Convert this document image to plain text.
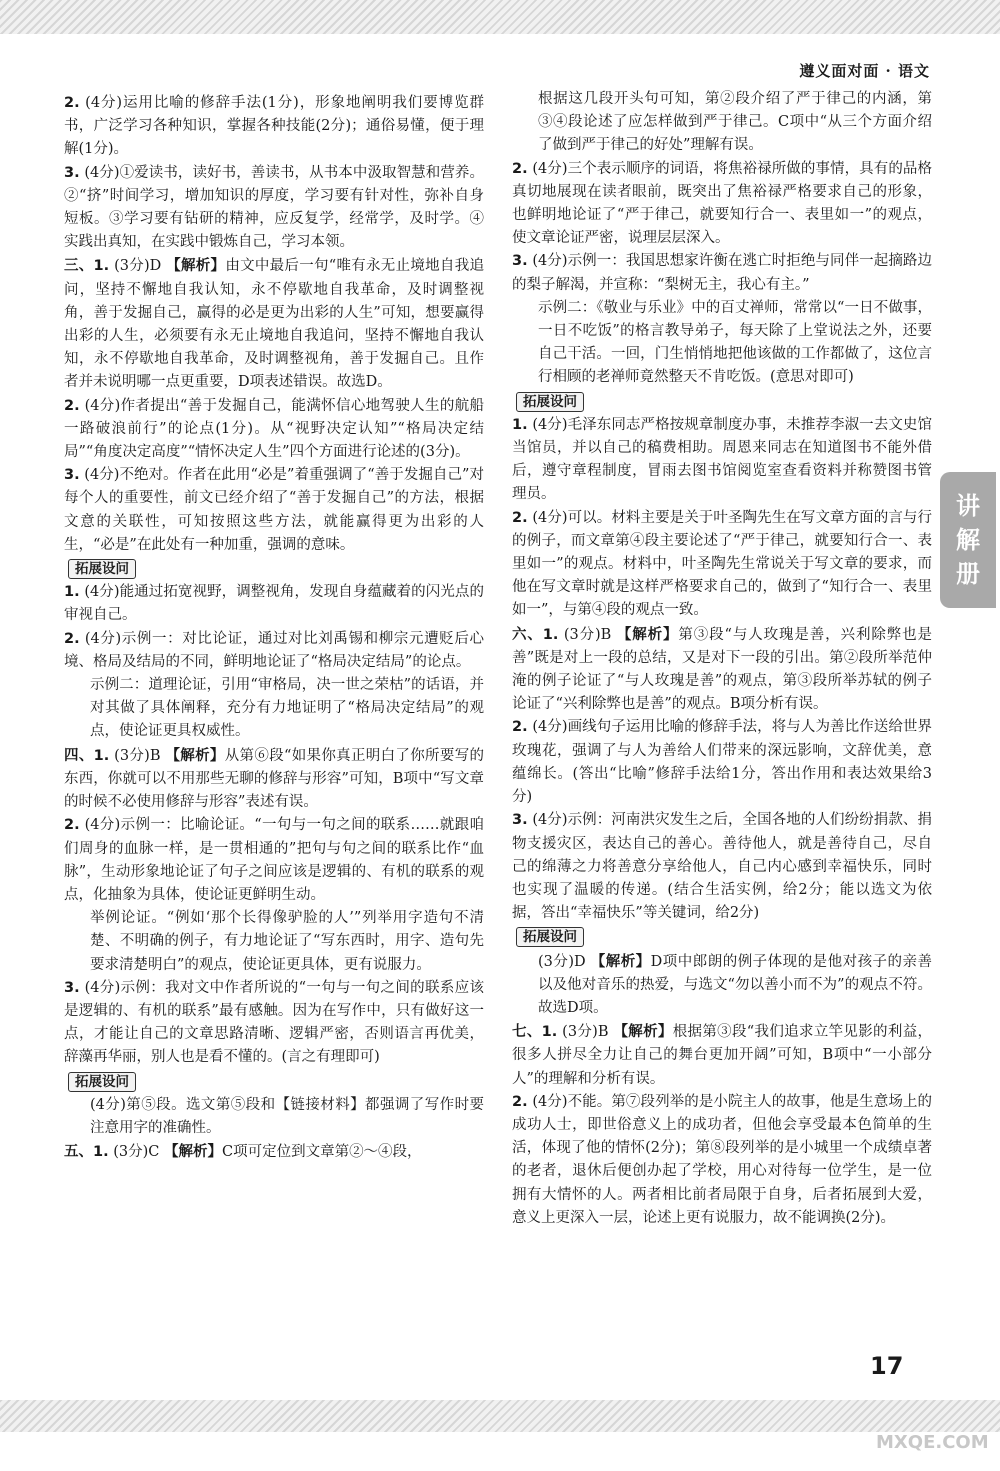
遵义面对面 · 语文

2. (4分)运用比喻的修辞手法(1分)，形象地阐明我们要博览群书，广泛学习各种知识，掌握各种技能(2分)；通俗易懂，便于理解(1分)。

3. (4分)①爱读书，读好书，善读书，从书本中汲取智慧和营养。②“挤”时间学习，增加知识的厚度，学习要有针对性，弥补自身短板。③学习要有钻研的精神，应反复学，经常学，及时学。④实践出真知，在实践中锻炼自己，学习本领。

三、1. (3分)D 【解析】由文中最后一句“唯有永无止境地自我追问，坚持不懈地自我认知，永不停歇地自我革命，及时调整视角，善于发掘自己，赢得的必是更为出彩的人生”可知，想要赢得出彩的人生，必须要有永无止境地自我追问，坚持不懈地自我认知，永不停歇地自我革命，及时调整视角，善于发掘自己。且作者并未说明哪一点更重要，D项表述错误。故选D。

2. (4分)作者提出“善于发掘自己，能满怀信心地驾驶人生的航船一路破浪前行”的论点(1分)。从“视野决定认知”“格局决定结局”“角度决定高度”“情怀决定人生”四个方面进行论述的(3分)。

3. (4分)不绝对。作者在此用“必是”着重强调了“善于发掘自己”对每个人的重要性，前文已经介绍了“善于发掘自己”的方法，根据文意的关联性，可知按照这些方法，就能赢得更为出彩的人生，“必是”在此处有一种加重，强调的意味。

拓展设问

1. (4分)能通过拓宽视野，调整视角，发现自身蕴藏着的闪光点的审视自己。

2. (4分)示例一：对比论证，通过对比刘禹锡和柳宗元遭贬后心境、格局及结局的不同，鲜明地论证了“格局决定结局”的论点。

示例二：道理论证，引用“审格局，决一世之荣枯”的话语，并对其做了具体阐释，充分有力地证明了“格局决定结局”的观点，使论证更具权威性。

四、1. (3分)B 【解析】从第⑥段“如果你真正明白了你所要写的东西，你就可以不用那些无聊的修辞与形容”可知，B项中“写文章的时候不必使用修辞与形容”表述有误。

2. (4分)示例一：比喻论证。“一句与一句之间的联系……就跟咱们周身的血脉一样，是一贯相通的”把句与句之间的联系比作“血脉”，生动形象地论证了句子之间应该是逻辑的、有机的联系的观点，化抽象为具体，使论证更鲜明生动。

举例论证。“例如‘那个长得像驴脸的人’”列举用字造句不清楚、不明确的例子，有力地论证了“写东西时，用字、造句先要求清楚明白”的观点，使论证更具体，更有说服力。

3. (4分)示例：我对文中作者所说的“一句与一句之间的联系应该是逻辑的、有机的联系”最有感触。因为在写作中，只有做好这一点，才能让自己的文章思路清晰、逻辑严密，否则语言再优美，辞藻再华丽，别人也是看不懂的。(言之有理即可)

拓展设问

(4分)第⑤段。选文第⑤段和【链接材料】都强调了写作时要注意用字的准确性。

五、1. (3分)C 【解析】C项可定位到文章第②～④段，

根据这几段开头句可知，第②段介绍了严于律己的内涵，第③④段论述了应怎样做到严于律己。C项中“从三个方面介绍了做到严于律己的好处”理解有误。

2. (4分)三个表示顺序的词语，将焦裕禄所做的事情，具有的品格真切地展现在读者眼前，既突出了焦裕禄严格要求自己的形象，也鲜明地论证了“严于律己，就要知行合一、表里如一”的观点，使文章论证严密，说理层层深入。

3. (4分)示例一：我国思想家许衡在逃亡时拒绝与同伴一起摘路边的梨子解渴，并宣称：“梨树无主，我心有主。”

示例二：《敬业与乐业》中的百丈禅师，常常以“一日不做事，一日不吃饭”的格言教导弟子，每天除了上堂说法之外，还要自己干活。一回，门生悄悄地把他该做的工作都做了，这位言行相顾的老禅师竟然整天不肯吃饭。(意思对即可)

拓展设问

1. (4分)毛泽东同志严格按规章制度办事，未推荐李淑一去文史馆当馆员，并以自己的稿费相助。周恩来同志在知道图书不能外借后，遵守章程制度，冒雨去图书馆阅览室查看资料并称赞图书管理员。

2. (4分)可以。材料主要是关于叶圣陶先生在写文章方面的言与行的例子，而文章第④段主要论述了“严于律己，就要知行合一、表里如一”的观点。材料中，叶圣陶先生常说关于写文章的要求，而他在写文章时就是这样严格要求自己的，做到了“知行合一、表里如一”，与第④段的观点一致。

六、1. (3分)B 【解析】第③段“与人玫瑰是善，兴利除弊也是善”既是对上一段的总结，又是对下一段的引出。第②段所举范仲淹的例子论证了“与人玫瑰是善”的观点，第③段所举苏轼的例子论证了“兴利除弊也是善”的观点。B项分析有误。

2. (4分)画线句子运用比喻的修辞手法，将与人为善比作送给世界玫瑰花，强调了与人为善给人们带来的深远影响，文辞优美，意蕴绵长。(答出“比喻”修辞手法给1分，答出作用和表达效果给3分)

3. (4分)示例：河南洪灾发生之后，全国各地的人们纷纷捐款、捐物支援灾区，表达自己的善心。善待他人，就是善待自己，尽自己的绵薄之力将善意分享给他人，自己内心感到幸福快乐，同时也实现了温暖的传递。(结合生活实例，给2分；能以选文为依据，答出“幸福快乐”等关键词，给2分)

拓展设问

(3分)D 【解析】D项中郎朗的例子体现的是他对孩子的亲善以及他对音乐的热爱，与选文“勿以善小而不为”的观点不符。故选D项。

七、1. (3分)B 【解析】根据第③段“我们追求立竿见影的利益，很多人拼尽全力让自己的舞台更加开阔”可知，B项中“一小部分人”的理解和分析有误。

2. (4分)不能。第⑦段列举的是小院主人的故事，他是生意场上的成功人士，即世俗意义上的成功者，但他会享受最本色简单的生活，体现了他的情怀(2分)；第⑧段列举的是小城里一个成绩卓著的老者，退休后便创办起了学校，用心对待每一位学生，是一位拥有大情怀的人。两者相比前者局限于自身，后者拓展到大爱，意义上更深入一层，论述上更有说服力，故不能调换(2分)。

讲
解
册
17
MXQE.COM
